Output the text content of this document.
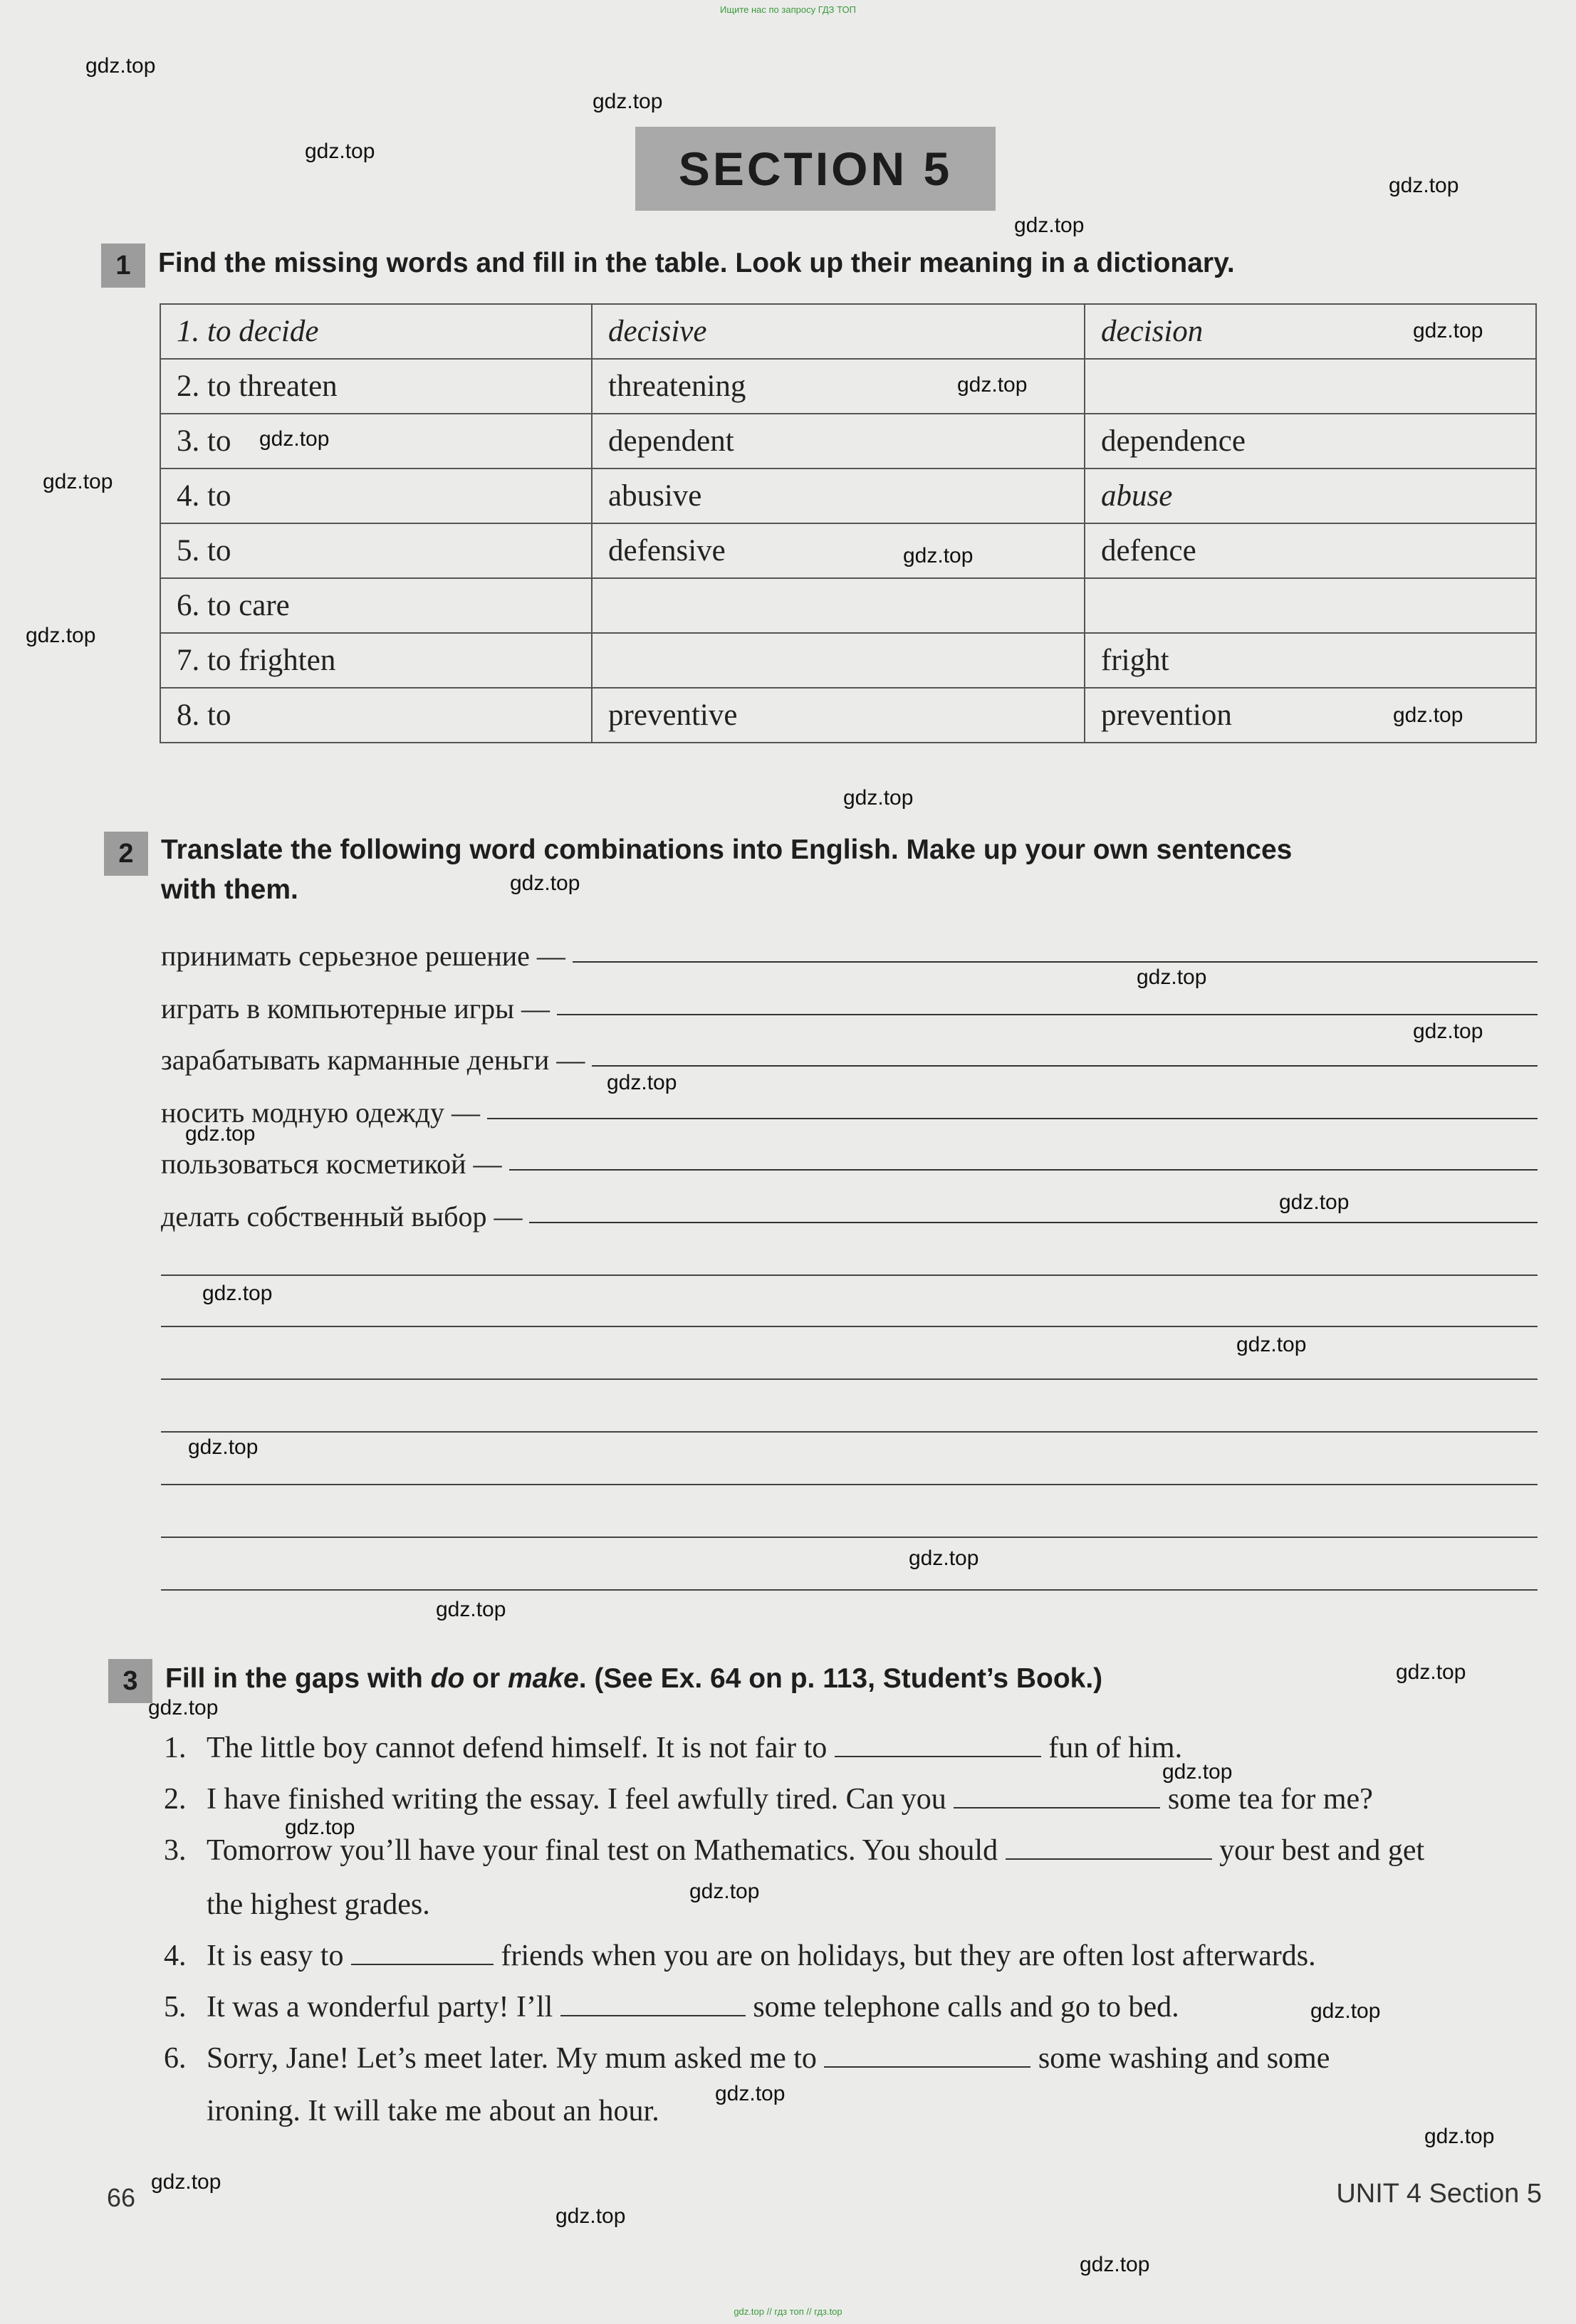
Ищите нас по запросу ГДЗ ТОП
SECTION 5
1 Find the missing words and fill in the table. Look up their meaning in a dictionary.
1. to decide	decisive	decision
2. to threaten	threatening	
3. to	dependent	dependence
4. to	abusive	abuse
5. to	defensive	defence
6. to care		
7. to frighten		fright
8. to	preventive	prevention
2 Translate the following word combinations into English. Make up your own sentences
with them.
принимать серьезное решение —
играть в компьютерные игры —
зарабатывать карманные деньги —
носить модную одежду —
пользоваться косметикой —
делать собственный выбор —
3 Fill in the gaps with do or make. (See Ex. 64 on p. 113, Student’s Book.)
1. The little boy cannot defend himself. It is not fair to	fun of him.
2. I have finished writing the essay. I feel awfully tired. Can you	some tea for me?
3. Tomorrow you’ll have your final test on Mathematics. You should	your best and get
the highest grades.
4. It is easy to	friends when you are on holidays, but they are often lost afterwards.
5. It was a wonderful party! I’ll	some telephone calls and go to bed.
6. Sorry, Jane! Let’s meet later. My mum asked me to	some washing and some
ironing. It will take me about an hour.
66	UNIT 4 Section 5
gdz.top
gdz.top
gdz.top
gdz.top
gdz.top
gdz.top
gdz.top
gdz.top
gdz.top
gdz.top
gdz.top
gdz.top
gdz.top
gdz.top
gdz.top
gdz.top
gdz.top
gdz.top
gdz.top
gdz.top
gdz.top
gdz.top
gdz.top
gdz.top
gdz.top
gdz.top
gdz.top
gdz.top
gdz.top
gdz.top
gdz.top
gdz.top
gdz.top
gdz.top
gdz.top
gdz.top // гдз топ // гдз.top
